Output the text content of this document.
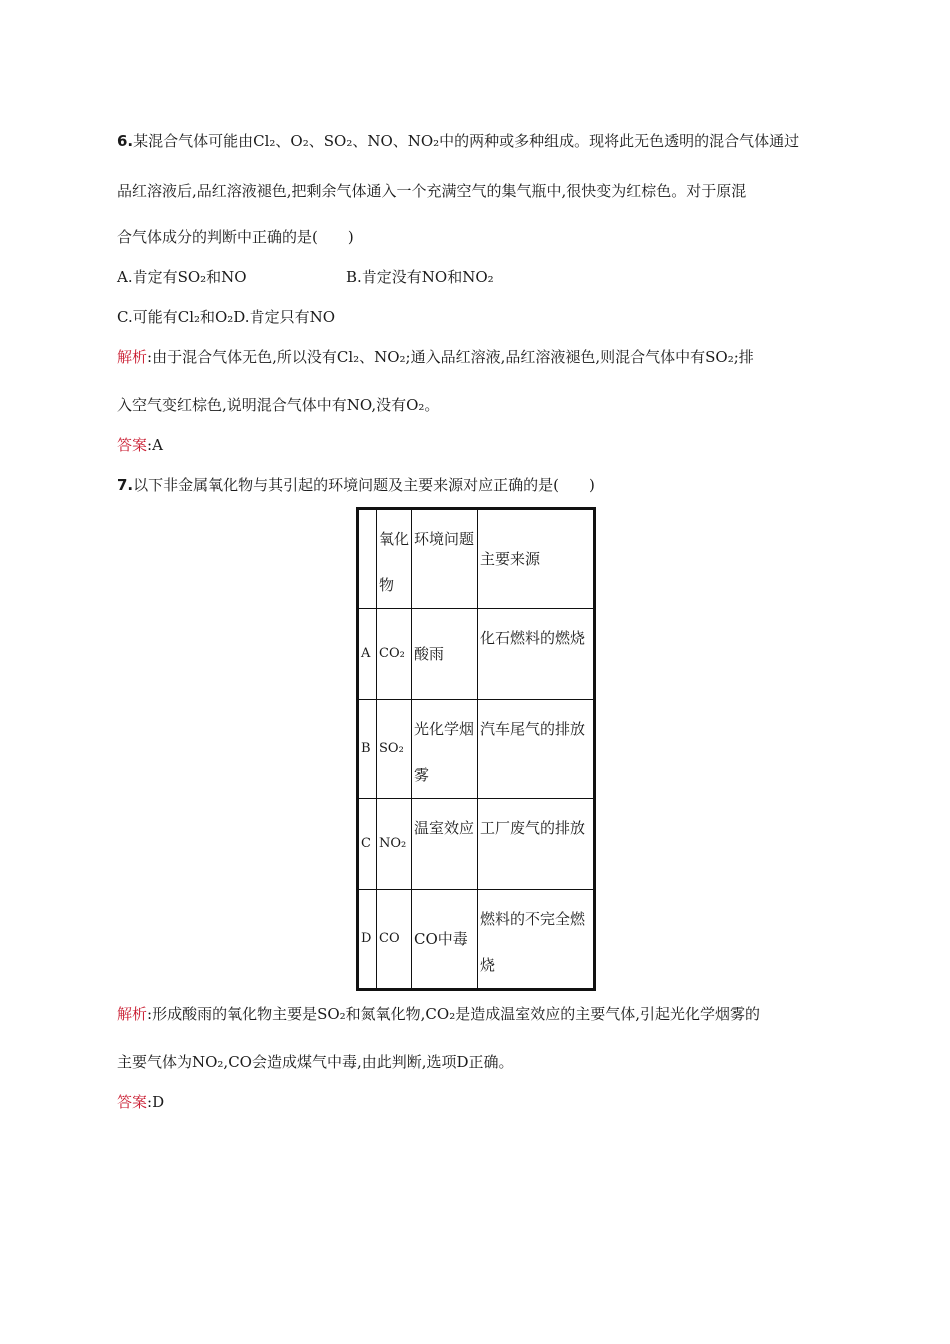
6.某混合气体可能由Cl₂、O₂、SO₂、NO、NO₂中的两种或多种组成。现将此无色透明的混合气体通过
品红溶液后,品红溶液褪色,把剩余气体通入一个充满空气的集气瓶中,很快变为红棕色。对于原混
合气体成分的判断中正确的是(　　)
A.肯定有SO₂和NO	B.肯定没有NO和NO₂
C.可能有Cl₂和O₂D.肯定只有NO
解析:由于混合气体无色,所以没有Cl₂、NO₂;通入品红溶液,品红溶液褪色,则混合气体中有SO₂;排
入空气变红棕色,说明混合气体中有NO,没有O₂。
答案:A
7.以下非金属氧化物与其引起的环境问题及主要来源对应正确的是(　　)
	氧化物	环境问题	主要来源
A	CO₂	酸雨	化石燃料的燃烧
B	SO₂	光化学烟雾	汽车尾气的排放
C	NO₂	温室效应	工厂废气的排放
D	CO	CO中毒	燃料的不完全燃烧
解析:形成酸雨的氧化物主要是SO₂和氮氧化物,CO₂是造成温室效应的主要气体,引起光化学烟雾的
主要气体为NO₂,CO会造成煤气中毒,由此判断,选项D正确。
答案:D
